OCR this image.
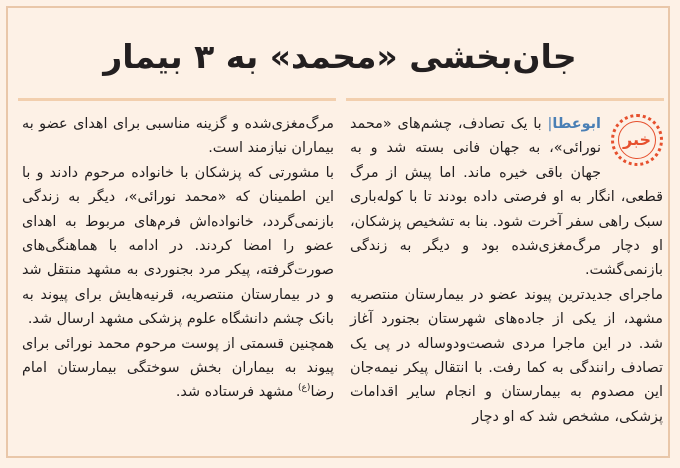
جان‌بخشی «محمد» به ۳ بیمار
خبر

ابوعطا| با یک تصادف، چشم‌های «محمد نورائی»، به جهان فانی بسته شد و به جهان باقی خیره ماند. اما پیش از مرگ قطعی، انگار به او فرصتی داده بودند تا با کوله‌باری سبک راهی سفر آخرت شود. بنا به تشخیص پزشکان، او دچار مرگ‌مغزی‌شده بود و دیگر به زندگی بازنمی‌گشت.

ماجرای جدیدترین پیوند عضو در بیمارستان منتصریه مشهد، از یکی از جاده‌های شهرستان بجنورد آغاز شد. در این ماجرا مردی شصت‌ودوساله در پی یک تصادف رانندگی به کما رفت. با انتقال پیکر نیمه‌جان این مصدوم به بیمارستان و انجام سایر اقدامات پزشکی، مشخص شد که او دچار

مرگ‌مغزی‌شده و گزینه مناسبی برای اهدای عضو به بیماران نیازمند است.

با مشورتی که پزشکان با خانواده مرحوم دادند و با این اطمینان که «محمد نورائی»، دیگر به زندگی بازنمی‌گردد، خانواده‌اش فرم‌های مربوط به اهدای عضو را امضا کردند. در ادامه با هماهنگی‌های صورت‌گرفته، پیکر مرد بجنوردی به مشهد منتقل شد و در بیمارستان منتصریه، قرنیه‌هایش برای پیوند به بانک چشم دانشگاه علوم پزشکی مشهد ارسال شد.

همچنین قسمتی از پوست مرحوم محمد نورائی برای پیوند به بیماران بخش سوختگی بیمارستان امام رضا$^{(ع)}$ مشهد فرستاده شد.
